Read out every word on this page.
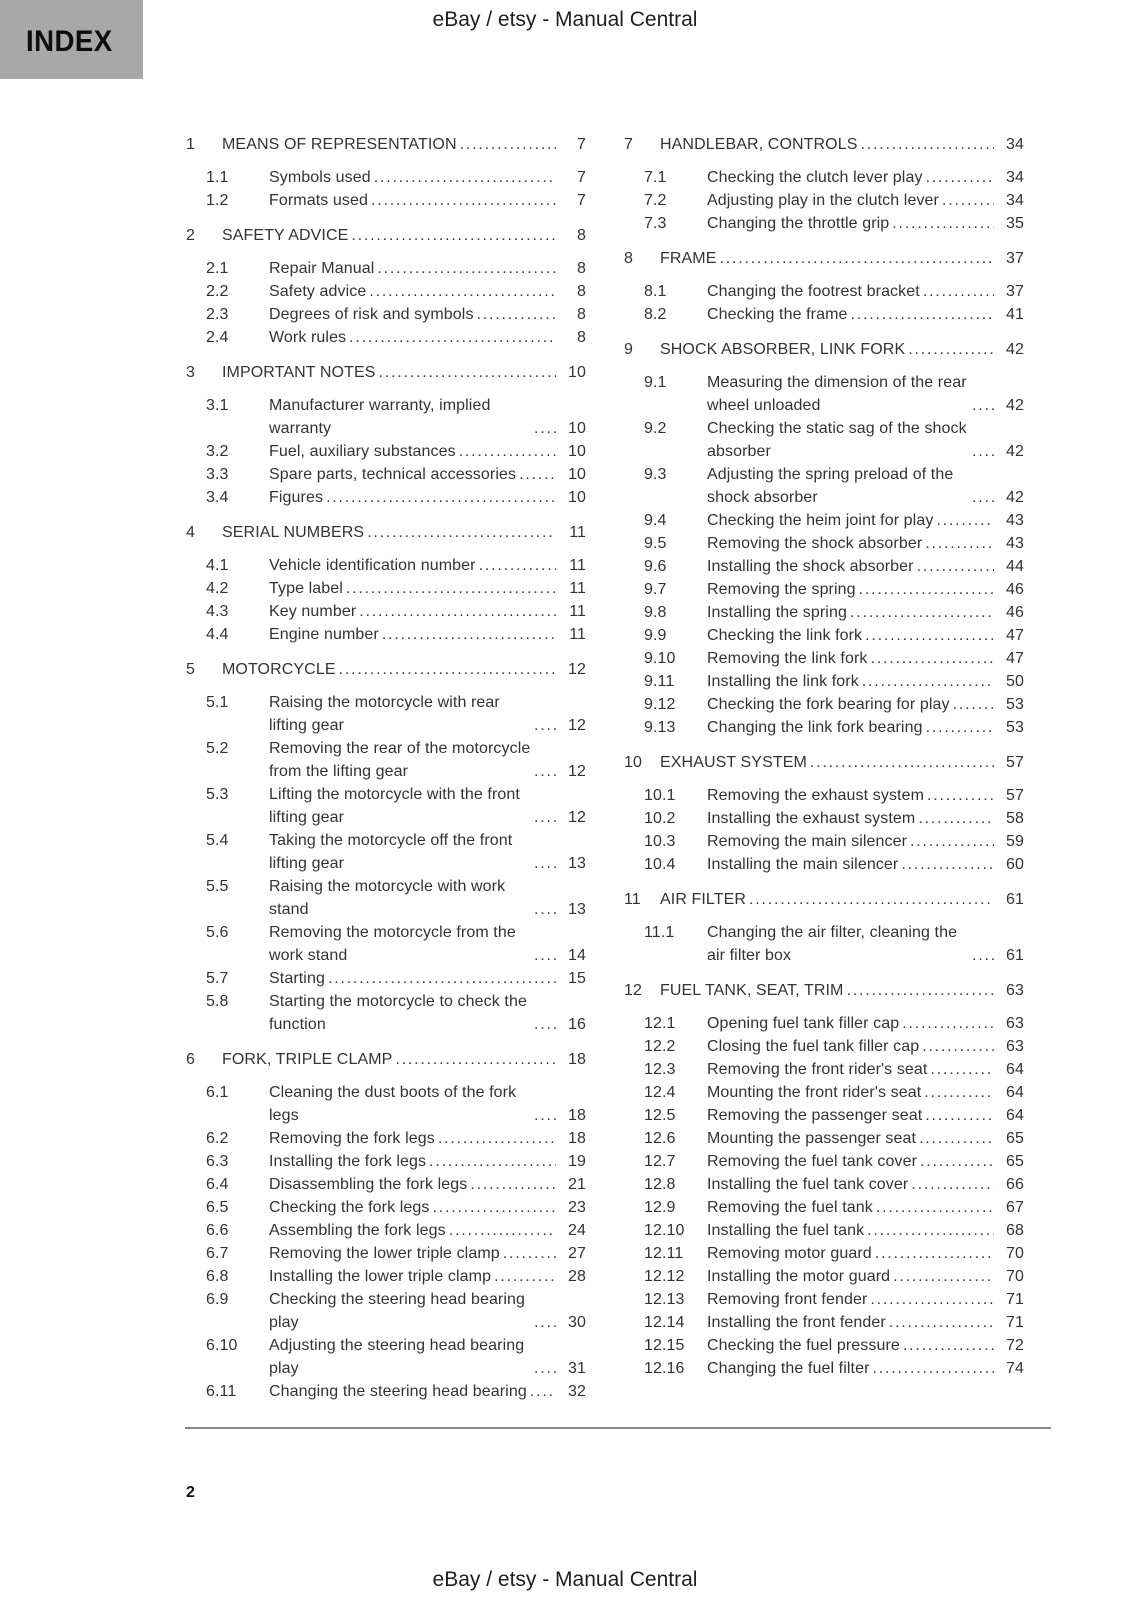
INDEX
eBay / etsy - Manual Central
1	MEANS OF REPRESENTATION .....	7
1.1	Symbols used .....	7
1.2	Formats used .....	7
2	SAFETY ADVICE .....	8
2.1	Repair Manual .....	8
2.2	Safety advice .....	8
2.3	Degrees of risk and symbols .....	8
2.4	Work rules .....	8
3	IMPORTANT NOTES .....	10
3.1	Manufacturer warranty, implied warranty .....	10
3.2	Fuel, auxiliary substances .....	10
3.3	Spare parts, technical accessories .....	10
3.4	Figures .....	10
4	SERIAL NUMBERS .....	11
4.1	Vehicle identification number .....	11
4.2	Type label .....	11
4.3	Key number .....	11
4.4	Engine number .....	11
5	MOTORCYCLE .....	12
5.1	Raising the motorcycle with rear lifting gear .....	12
5.2	Removing the rear of the motorcycle from the lifting gear .....	12
5.3	Lifting the motorcycle with the front lifting gear .....	12
5.4	Taking the motorcycle off the front lifting gear .....	13
5.5	Raising the motorcycle with work stand .....	13
5.6	Removing the motorcycle from the work stand .....	14
5.7	Starting .....	15
5.8	Starting the motorcycle to check the function .....	16
6	FORK, TRIPLE CLAMP .....	18
6.1	Cleaning the dust boots of the fork legs .....	18
6.2	Removing the fork legs .....	18
6.3	Installing the fork legs .....	19
6.4	Disassembling the fork legs .....	21
6.5	Checking the fork legs .....	23
6.6	Assembling the fork legs .....	24
6.7	Removing the lower triple clamp .....	27
6.8	Installing the lower triple clamp .....	28
6.9	Checking the steering head bearing play .....	30
6.10	Adjusting the steering head bearing play .....	31
6.11	Changing the steering head bearing .....	32
7	HANDLEBAR, CONTROLS .....	34
7.1	Checking the clutch lever play .....	34
7.2	Adjusting play in the clutch lever .....	34
7.3	Changing the throttle grip .....	35
8	FRAME .....	37
8.1	Changing the footrest bracket .....	37
8.2	Checking the frame .....	41
9	SHOCK ABSORBER, LINK FORK .....	42
9.1	Measuring the dimension of the rear wheel unloaded .....	42
9.2	Checking the static sag of the shock absorber .....	42
9.3	Adjusting the spring preload of the shock absorber .....	42
9.4	Checking the heim joint for play .....	43
9.5	Removing the shock absorber .....	43
9.6	Installing the shock absorber .....	44
9.7	Removing the spring .....	46
9.8	Installing the spring .....	46
9.9	Checking the link fork .....	47
9.10	Removing the link fork .....	47
9.11	Installing the link fork .....	50
9.12	Checking the fork bearing for play .....	53
9.13	Changing the link fork bearing .....	53
10	EXHAUST SYSTEM .....	57
10.1	Removing the exhaust system .....	57
10.2	Installing the exhaust system .....	58
10.3	Removing the main silencer .....	59
10.4	Installing the main silencer .....	60
11	AIR FILTER .....	61
11.1	Changing the air filter, cleaning the air filter box .....	61
12	FUEL TANK, SEAT, TRIM .....	63
12.1	Opening fuel tank filler cap .....	63
12.2	Closing the fuel tank filler cap .....	63
12.3	Removing the front rider's seat .....	64
12.4	Mounting the front rider's seat .....	64
12.5	Removing the passenger seat .....	64
12.6	Mounting the passenger seat .....	65
12.7	Removing the fuel tank cover .....	65
12.8	Installing the fuel tank cover .....	66
12.9	Removing the fuel tank .....	67
12.10	Installing the fuel tank .....	68
12.11	Removing motor guard .....	70
12.12	Installing the motor guard .....	70
12.13	Removing front fender .....	71
12.14	Installing the front fender .....	71
12.15	Checking the fuel pressure .....	72
12.16	Changing the fuel filter .....	74
2
eBay / etsy - Manual Central
